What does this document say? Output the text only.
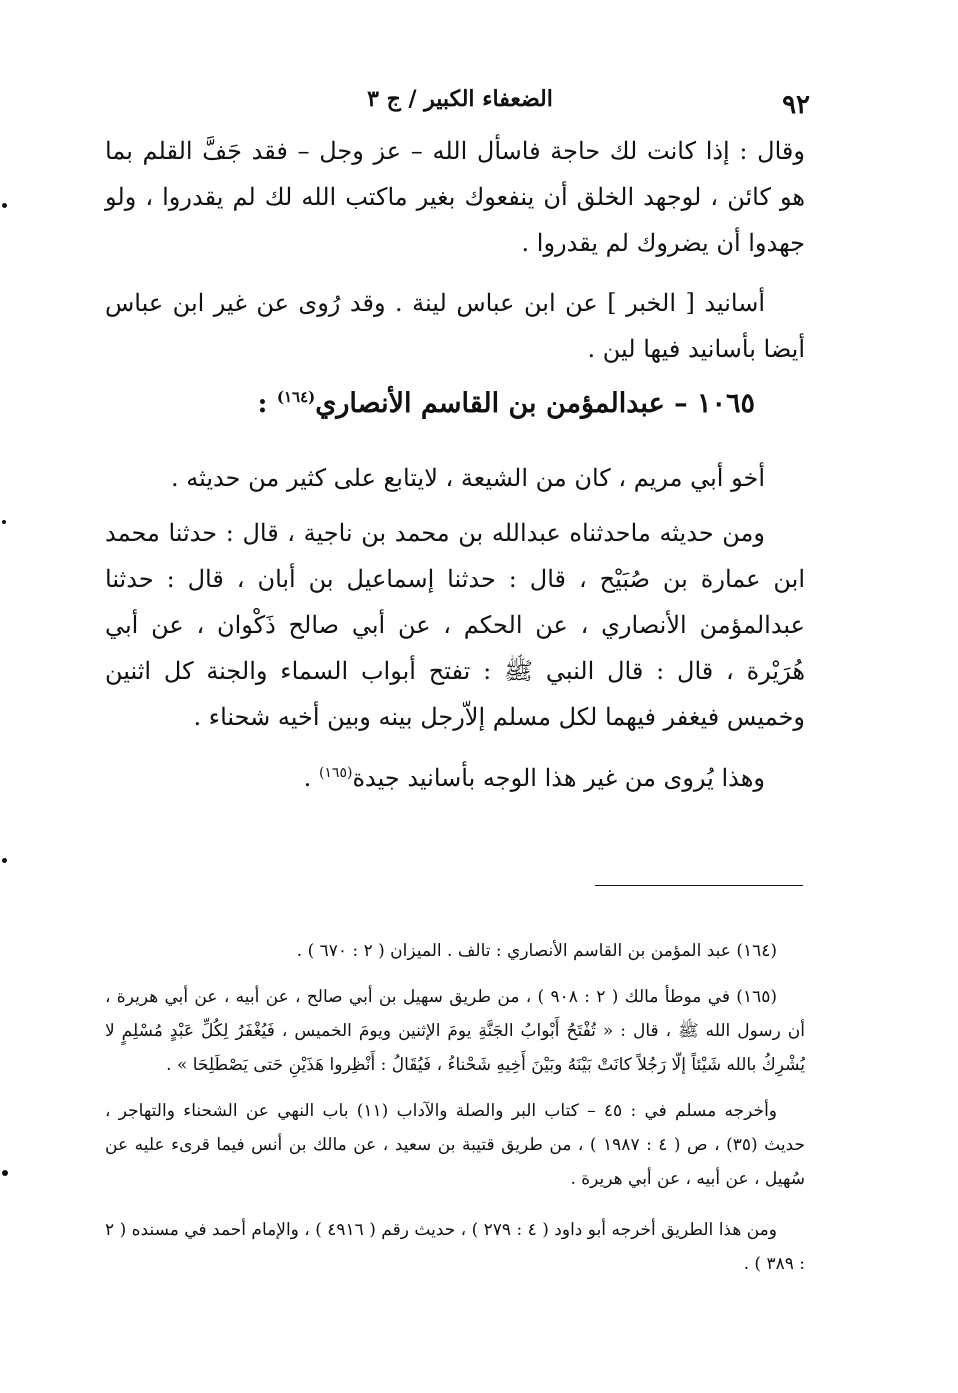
٩٢
الضعفاء الكبير / ج ٣
وقال : إذا كانت لك حاجة فاسأل الله – عز وجل – فقد جَفَّ القلم بما هو كائن ، لوجهد الخلق أن ينفعوك بغير ماكتب الله لك لم يقدروا ، ولو جهدوا أن يضروك لم يقدروا .
أسانيد [ الخبر ] عن ابن عباس لينة . وقد رُوى عن غير ابن عباس أيضا بأسانيد فيها لين .
١٠٦٥ – عبدالمؤمن بن القاسم الأنصاري$^{(١٦٤)}$ :
أخو أبي مريم ، كان من الشيعة ، لايتابع على كثير من حديثه .
ومن حديثه ماحدثناه عبدالله بن محمد بن ناجية ، قال : حدثنا محمد ابن عمارة بن صُبَيْح ، قال : حدثنا إسماعيل بن أبان ، قال : حدثنا عبدالمؤمن الأنصاري ، عن الحكم ، عن أبي صالح ذَكْوان ، عن أبي هُرَيْرة ، قال : قال النبي ﷺ : تفتح أبواب السماء والجنة كل اثنين وخميس فيغفر فيهما لكل مسلم إلاّرجل بينه وبين أخيه شحناء .
وهذا يُروى من غير هذا الوجه بأسانيد جيدة$^{(١٦٥)}$ .
(١٦٤) عبد المؤمن بن القاسم الأنصاري : تالف . الميزان ( ٢ : ٦٧٠ ) .
(١٦٥) في موطأ مالك ( ٢ : ٩٠٨ ) ، من طريق سهيل بن أبي صالح ، عن أبيه ، عن أبي هريرة ، أن رسول الله ﷺ ، قال : « تُفْتَحُ أَبْوابُ الجَنَّةِ يومَ الإثنين ويومَ الخميس ، فَيُغْفَرُ لِكُلِّ عَبْدٍ مُسْلِمٍ لا يُشْرِكُ بالله شَيْئاً إلّا رَجُلاً كانَتْ بَيْنَهُ وبَيْنَ أَخِيهِ شَحْناءُ ، فَيُقَالُ : أَنْظِروا هَذَيْنِ حَتى يَصْطَلِحَا » .
وأخرجه مسلم في : ٤٥ – كتاب البر والصلة والآداب (١١) باب النهي عن الشحناء والتهاجر ، حديث (٣٥) ، ص ( ٤ : ١٩٨٧ ) ، من طريق قتيبة بن سعيد ، عن مالك بن أنس فيما قرىء عليه عن سُهيل ، عن أبيه ، عن أبي هريرة .
ومن هذا الطريق أخرجه أبو داود ( ٤ : ٢٧٩ ) ، حديث رقم ( ٤٩١٦ ) ، والإمام أحمد في مسنده ( ٢ : ٣٨٩ ) .
